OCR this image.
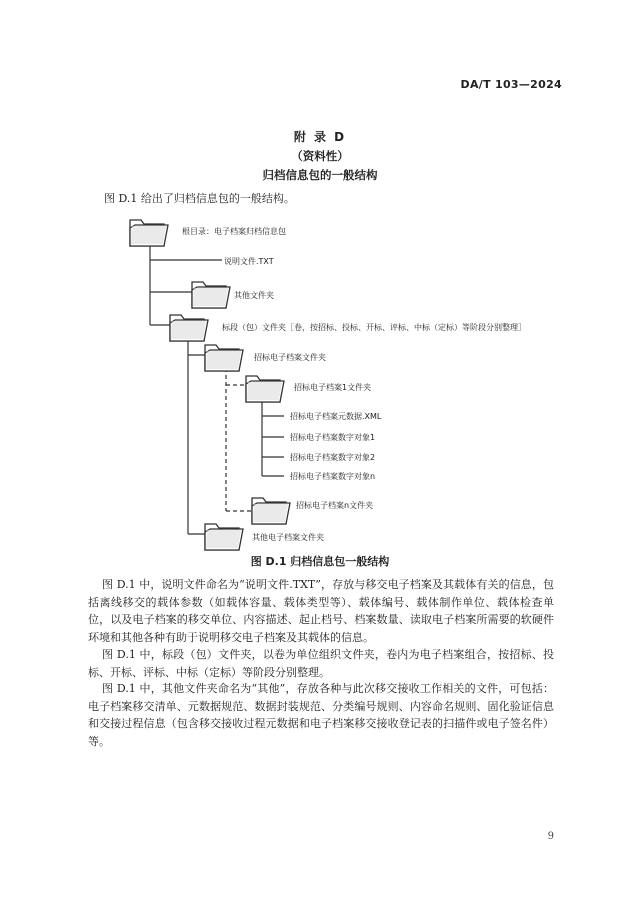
DA/T 103—2024
附 录 D
（资料性）
归档信息包的一般结构
图 D.1 给出了归档信息包的一般结构。
根目录：电子档案归档信息包
说明文件.TXT
其他文件夹
标段（包）文件夹［卷，按招标、投标、开标、评标、中标（定标）等阶段分别整理］
招标电子档案文件夹
招标电子档案1文件夹
招标电子档案元数据.XML
招标电子档案数字对象1
招标电子档案数字对象2
招标电子档案数字对象n
招标电子档案n文件夹
其他电子档案文件夹
图 D.1 归档信息包一般结构

图 D.1 中，说明文件命名为“说明文件.TXT”，存放与移交电子档案及其载体有关的信息，包括离线移交的载体参数（如载体容量、载体类型等）、载体编号、载体制作单位、载体检查单位，以及电子档案的移交单位、内容描述、起止档号、档案数量、读取电子档案所需要的软硬件环境和其他各种有助于说明移交电子档案及其载体的信息。

图 D.1 中，标段（包）文件夹，以卷为单位组织文件夹，卷内为电子档案组合，按招标、投标、开标、评标、中标（定标）等阶段分别整理。

图 D.1 中，其他文件夹命名为“其他”，存放各种与此次移交接收工作相关的文件，可包括：电子档案移交清单、元数据规范、数据封装规范、分类编号规则、内容命名规则、固化验证信息和交接过程信息（包含移交接收过程元数据和电子档案移交接收登记表的扫描件或电子签名件）等。

9
